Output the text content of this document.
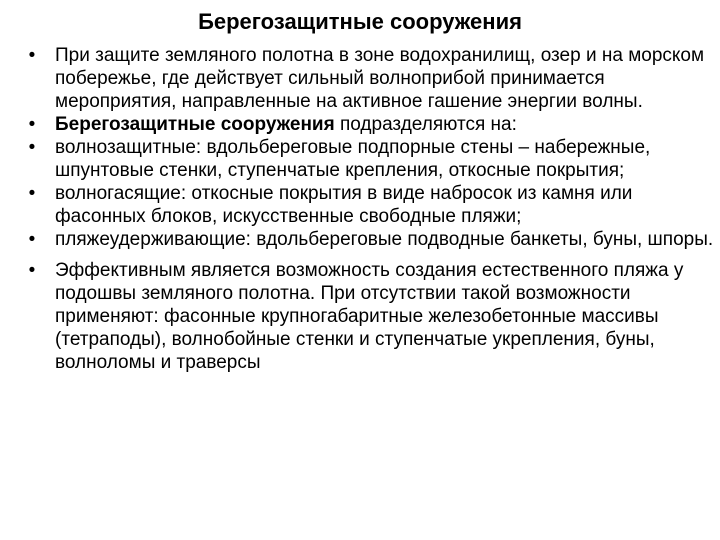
Берегозащитные сооружения
• При защите земляного полотна в зоне водохранилищ, озер и на морском побережье, где действует сильный волноприбой принимается мероприятия, направленные на активное гашение энергии волны.
• Берегозащитные сооружения подразделяются на:
• волнозащитные: вдольбереговые подпорные стены – набережные, шпунтовые стенки, ступенчатые крепления, откосные покрытия;
• волногасящие: откосные покрытия в виде набросок из камня или фасонных блоков, искусственные свободные пляжи;
• пляжеудерживающие: вдольбереговые подводные банкеты, буны, шпоры.
• Эффективным является возможность создания естественного пляжа у подошвы земляного полотна. При отсутствии такой возможности применяют: фасонные крупногабаритные железобетонные массивы (тетраподы), волнобойные стенки и ступенчатые укрепления, буны, волноломы и траверсы
